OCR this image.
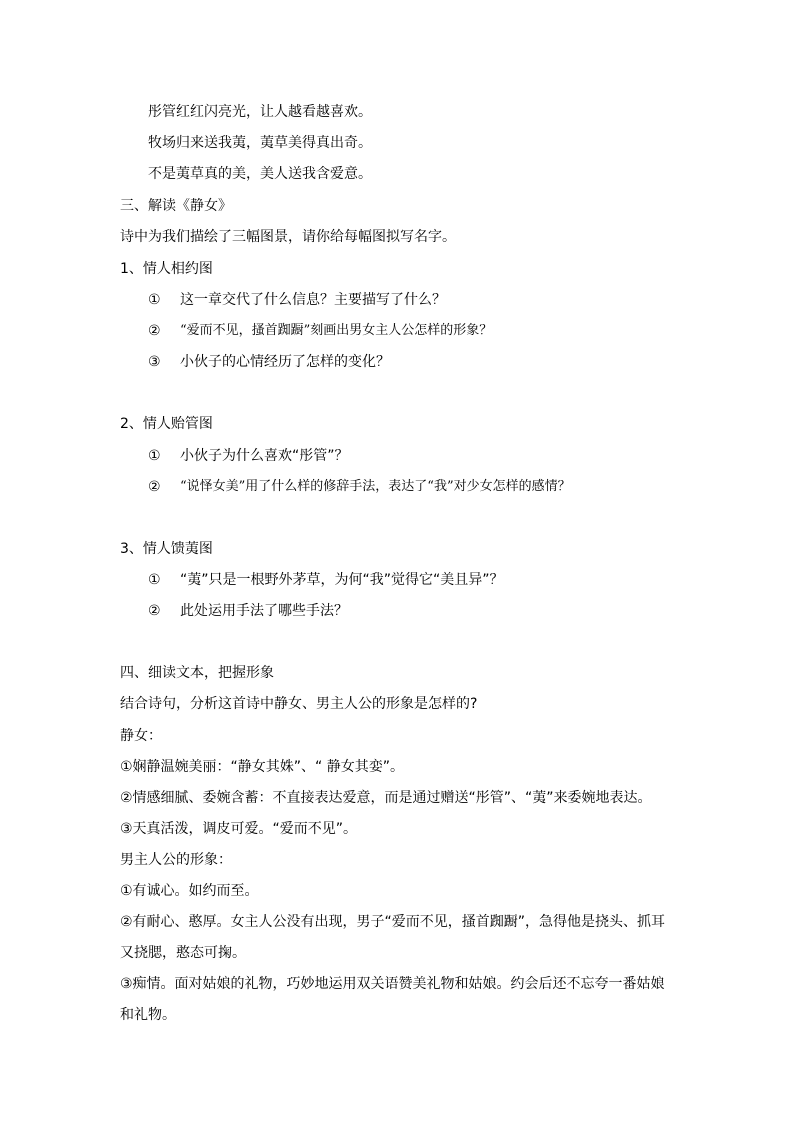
彤管红红闪亮光，让人越看越喜欢。
牧场归来送我荑，荑草美得真出奇。
不是荑草真的美，美人送我含爱意。
三、解读《静女》
诗中为我们描绘了三幅图景，请你给每幅图拟写名字。
1、情人相约图
① 这一章交代了什么信息？主要描写了什么？
② “爱而不见，搔首踟蹰”刻画出男女主人公怎样的形象？
③ 小伙子的心情经历了怎样的变化？
2、情人贻管图
① 小伙子为什么喜欢“彤管”？
② “说怿女美”用了什么样的修辞手法，表达了“我”对少女怎样的感情？
3、情人馈荑图
① “荑”只是一根野外茅草，为何“我”觉得它“美且异”？
② 此处运用手法了哪些手法？
四、细读文本，把握形象
结合诗句，分析这首诗中静女、男主人公的形象是怎样的?
静女：
①娴静温婉美丽：“静女其姝”、“ 静女其娈”。
②情感细腻、委婉含蓄：不直接表达爱意，而是通过赠送“彤管”、“荑”来委婉地表达。
③天真活泼，调皮可爱。“爱而不见”。
男主人公的形象：
①有诚心。如约而至。
②有耐心、憨厚。女主人公没有出现，男子“爱而不见，搔首踟蹰”，急得他是挠头、抓耳
又挠腮，憨态可掬。
③痴情。面对姑娘的礼物，巧妙地运用双关语赞美礼物和姑娘。约会后还不忘夸一番姑娘
和礼物。
